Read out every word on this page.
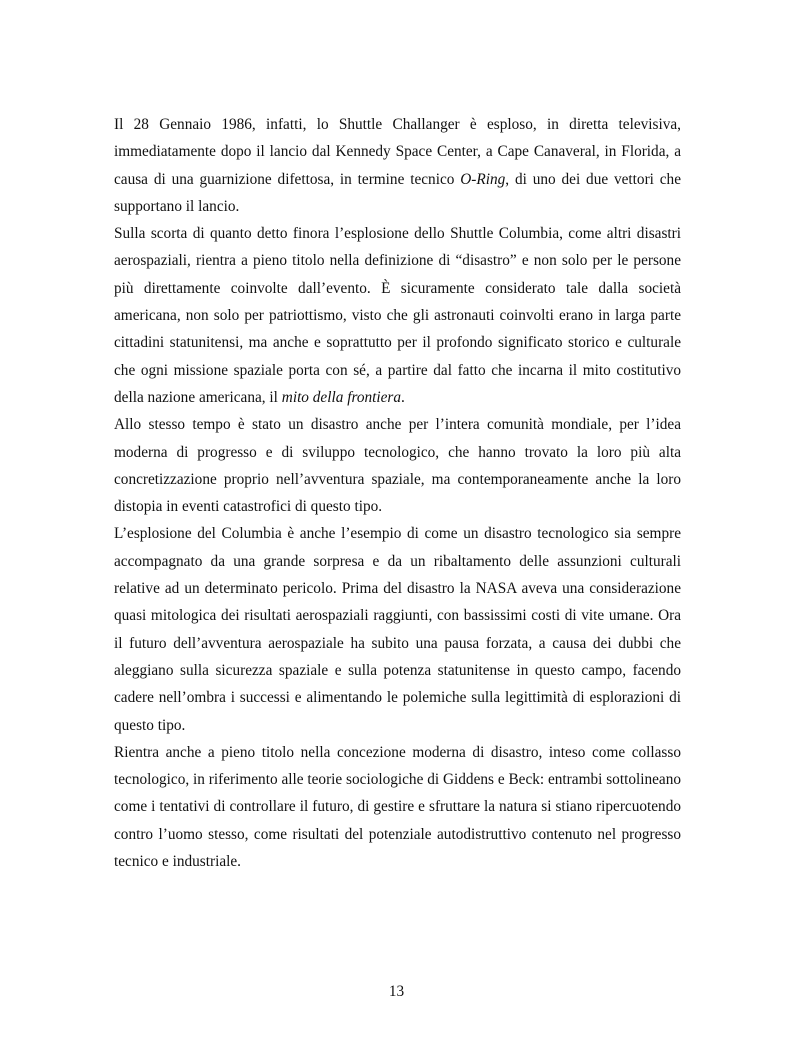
Il 28 Gennaio 1986, infatti, lo Shuttle Challanger è esploso, in diretta televisiva, immediatamente dopo il lancio dal Kennedy Space Center, a Cape Canaveral, in Florida, a causa di una guarnizione difettosa, in termine tecnico O-Ring, di uno dei due vettori che supportano il lancio.

Sulla scorta di quanto detto finora l’esplosione dello Shuttle Columbia, come altri disastri aerospaziali, rientra a pieno titolo nella definizione di “disastro” e non solo per le persone più direttamente coinvolte dall’evento. È sicuramente considerato tale dalla società americana, non solo per patriottismo, visto che gli astronauti coinvolti erano in larga parte cittadini statunitensi, ma anche e soprattutto per il profondo significato storico e culturale che ogni missione spaziale porta con sé, a partire dal fatto che incarna il mito costitutivo della nazione americana, il mito della frontiera.

Allo stesso tempo è stato un disastro anche per l’intera comunità mondiale, per l’idea moderna di progresso e di sviluppo tecnologico, che hanno trovato la loro più alta concretizzazione proprio nell’avventura spaziale, ma contemporaneamente anche la loro distopia in eventi catastrofici di questo tipo.

L’esplosione del Columbia è anche l’esempio di come un disastro tecnologico sia sempre accompagnato da una grande sorpresa e da un ribaltamento delle assunzioni culturali relative ad un determinato pericolo. Prima del disastro la NASA aveva una considerazione quasi mitologica dei risultati aerospaziali raggiunti, con bassissimi costi di vite umane. Ora il futuro dell’avventura aerospaziale ha subito una pausa forzata, a causa dei dubbi che aleggiano sulla sicurezza spaziale e sulla potenza statunitense in questo campo, facendo cadere nell’ombra i successi e alimentando le polemiche sulla legittimità di esplorazioni di questo tipo.

Rientra anche a pieno titolo nella concezione moderna di disastro, inteso come collasso tecnologico, in riferimento alle teorie sociologiche di Giddens e Beck: entrambi sottolineano come i tentativi di controllare il futuro, di gestire e sfruttare la natura si stiano ripercuotendo contro l’uomo stesso, come risultati del potenziale autodistruttivo contenuto nel progresso tecnico e industriale.

13
